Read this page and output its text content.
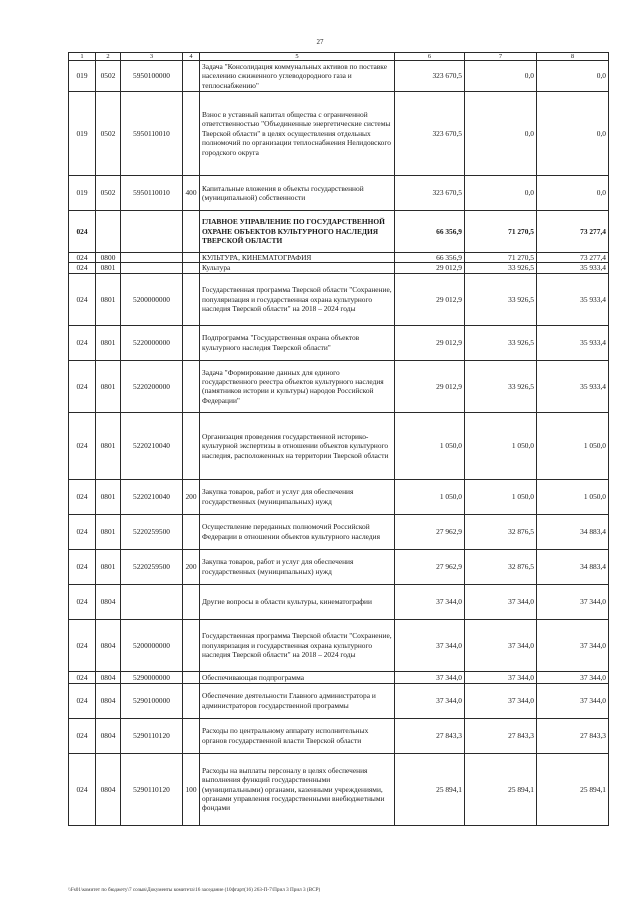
27
1	2	3	4	5	6	7	8
019	0502	5950100000		Задача "Консолидация коммунальных активов по поставке населению сжиженного углеводородного газа и теплоснабжению"	323 670,5	0,0	0,0
019	0502	5950110010		Взнос в уставный капитал общества с ограниченной ответственностью "Объединенные энергетические системы Тверской области" в целях осуществления отдельных полномочий по организации теплоснабжения Нелидовского городского округа	323 670,5	0,0	0,0
019	0502	5950110010	400	Капитальные вложения в объекты государственной (муниципальной) собственности	323 670,5	0,0	0,0
024				ГЛАВНОЕ УПРАВЛЕНИЕ ПО ГОСУДАРСТВЕННОЙ ОХРАНЕ ОБЪЕКТОВ КУЛЬТУРНОГО НАСЛЕДИЯ ТВЕРСКОЙ ОБЛАСТИ	66 356,9	71 270,5	73 277,4
024	0800			КУЛЬТУРА, КИНЕМАТОГРАФИЯ	66 356,9	71 270,5	73 277,4
024	0801			Культура	29 012,9	33 926,5	35 933,4
024	0801	5200000000		Государственная программа Тверской области "Сохранение, популяризация и государственная охрана культурного наследия Тверской области" на 2018 – 2024 годы	29 012,9	33 926,5	35 933,4
024	0801	5220000000		Подпрограмма "Государственная охрана объектов культурного наследия Тверской области"	29 012,9	33 926,5	35 933,4
024	0801	5220200000		Задача "Формирование данных для единого государственного реестра объектов культурного наследия (памятников истории и культуры) народов Российской Федерации"	29 012,9	33 926,5	35 933,4
024	0801	5220210040		Организация проведения государственной историко-культурной экспертизы в отношении объектов культурного наследия, расположенных на территории Тверской области	1 050,0	1 050,0	1 050,0
024	0801	5220210040	200	Закупка товаров, работ и услуг для обеспечения государственных (муниципальных) нужд	1 050,0	1 050,0	1 050,0
024	0801	5220259500		Осуществление переданных полномочий Российской Федерации в отношении объектов культурного наследия	27 962,9	32 876,5	34 883,4
024	0801	5220259500	200	Закупка товаров, работ и услуг для обеспечения государственных (муниципальных) нужд	27 962,9	32 876,5	34 883,4
024	0804			Другие вопросы в области культуры, кинематографии	37 344,0	37 344,0	37 344,0
024	0804	5200000000		Государственная программа Тверской области "Сохранение, популяризация и государственная охрана культурного наследия Тверской области" на 2018 – 2024 годы	37 344,0	37 344,0	37 344,0
024	0804	5290000000		Обеспечивающая подпрограмма	37 344,0	37 344,0	37 344,0
024	0804	5290100000		Обеспечение деятельности Главного администратора и администраторов государственной программы	37 344,0	37 344,0	37 344,0
024	0804	5290110120		Расходы по центральному аппарату исполнительных органов государственной власти Тверской области	27 843,3	27 843,3	27 843,3
024	0804	5290110120	100	Расходы на выплаты персоналу в целях обеспечения выполнения функций государственными (муниципальными) органами, казенными учреждениями, органами управления государственными внебюджетными фондами	25 894,1	25 894,1	25 894,1
\\Fs01\комитет по бюджету\7 созыв\Документы комитета\16 заседание (10фгарт(16) 263-П-7\Прил 3 Прил 3 (ВСР)
